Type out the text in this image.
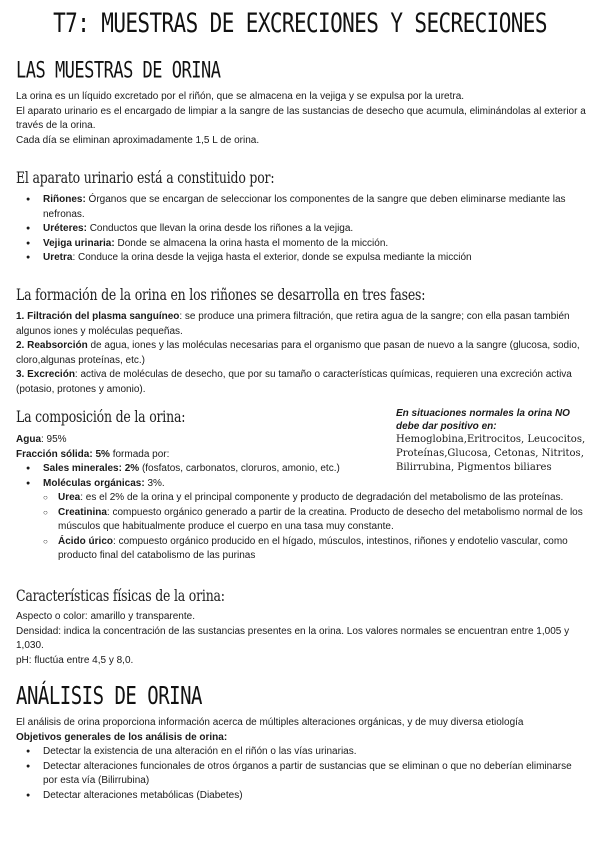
T7: MUESTRAS DE EXCRECIONES Y SECRECIONES
LAS MUESTRAS DE ORINA

La orina es un líquido excretado por el riñón, que se almacena en la vejiga y se expulsa por la uretra.

El aparato urinario es el encargado de limpiar a la sangre de las sustancias de desecho que acumula, eliminándolas al exterior a través de la orina.

Cada día se eliminan aproximadamente 1,5 L de orina.

El aparato urinario está a constituido por:
● Riñones: Órganos que se encargan de seleccionar los componentes de la sangre que deben eliminarse mediante las nefronas.
● Uréteres: Conductos que llevan la orina desde los riñones a la vejiga.
● Vejiga urinaria: Donde se almacena la orina hasta el momento de la micción.
● Uretra: Conduce la orina desde la vejiga hasta el exterior, donde se expulsa mediante la micción
La formación de la orina en los riñones se desarrolla en tres fases:

1. Filtración del plasma sanguíneo: se produce una primera filtración, que retira agua de la sangre; con ella pasan también algunos iones y moléculas pequeñas.

2. Reabsorción de agua, iones y las moléculas necesarias para el organismo que pasan de nuevo a la sangre (glucosa, sodio, cloro,algunas proteínas, etc.)

3. Excreción: activa de moléculas de desecho, que por su tamaño o características químicas, requieren una excreción activa (potasio, protones y amonio).

La composición de la orina:

Agua: 95%

Fracción sólida: 5% formada por:

● Sales minerales: 2% (fosfatos, carbonatos, cloruros, amonio, etc.)
● Moléculas orgánicas: 3%.
○ Urea: es el 2% de la orina y el principal componente y producto de degradación del metabolismo de las proteínas.
○ Creatinina: compuesto orgánico generado a partir de la creatina. Producto de desecho del metabolismo normal de los músculos que habitualmente produce el cuerpo en una tasa muy constante.
○ Ácido úrico: compuesto orgánico producido en el hígado, músculos, intestinos, riñones y endotelio vascular, como producto final del catabolismo de las purinas
En situaciones normales la orina NO debe dar positivo en:
Hemoglobina,Eritrocitos, Leucocitos, Proteínas,Glucosa, Cetonas, Nitritos, Bilirrubina, Pigmentos biliares
Características físicas de la orina:

Aspecto o color: amarillo y transparente.

Densidad: indica la concentración de las sustancias presentes en la orina. Los valores normales se encuentran entre 1,005 y 1,030.

pH: fluctúa entre 4,5 y 8,0.

ANÁLISIS DE ORINA

El análisis de orina proporciona información acerca de múltiples alteraciones orgánicas, y de muy diversa etiología

Objetivos generales de los análisis de orina:

● Detectar la existencia de una alteración en el riñón o las vías urinarias.
● Detectar alteraciones funcionales de otros órganos a partir de sustancias que se eliminan o que no deberían eliminarse por esta vía (Bilirrubina)
● Detectar alteraciones metabólicas (Diabetes)
